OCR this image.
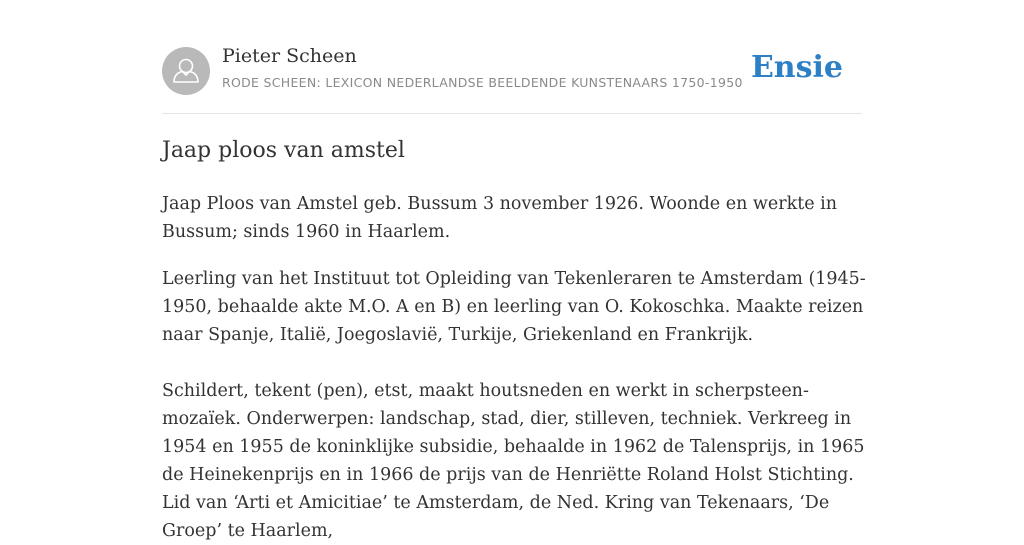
Pieter Scheen
RODE SCHEEN: LEXICON NEDERLANDSE BEELDENDE KUNSTENAARS 1750-1950 Ensie
Jaap ploos van amstel

Jaap Ploos van Amstel geb. Bussum 3 november 1926. Woonde en werkte in Bussum; sinds 1960 in Haarlem.

Leerling van het Instituut tot Opleiding van Tekenleraren te Amsterdam (1945-1950, behaalde akte M.O. A en B) en leerling van O. Kokoschka. Maakte reizen naar Spanje, Italië, Joegoslavië, Turkije, Griekenland en Frankrijk.

Schildert, tekent (pen), etst, maakt houtsneden en werkt in scherpsteen-mozaïek. Onderwerpen: landschap, stad, dier, stilleven, techniek. Verkreeg in 1954 en 1955 de koninklijke subsidie, behaalde in 1962 de Talensprijs, in 1965 de Heinekenprijs en in 1966 de prijs van de Henriëtte Roland Holst Stichting. Lid van ‘Arti et Amicitiae’ te Amsterdam, de Ned. Kring van Tekenaars, ‘De Groep’ te Haarlem,
